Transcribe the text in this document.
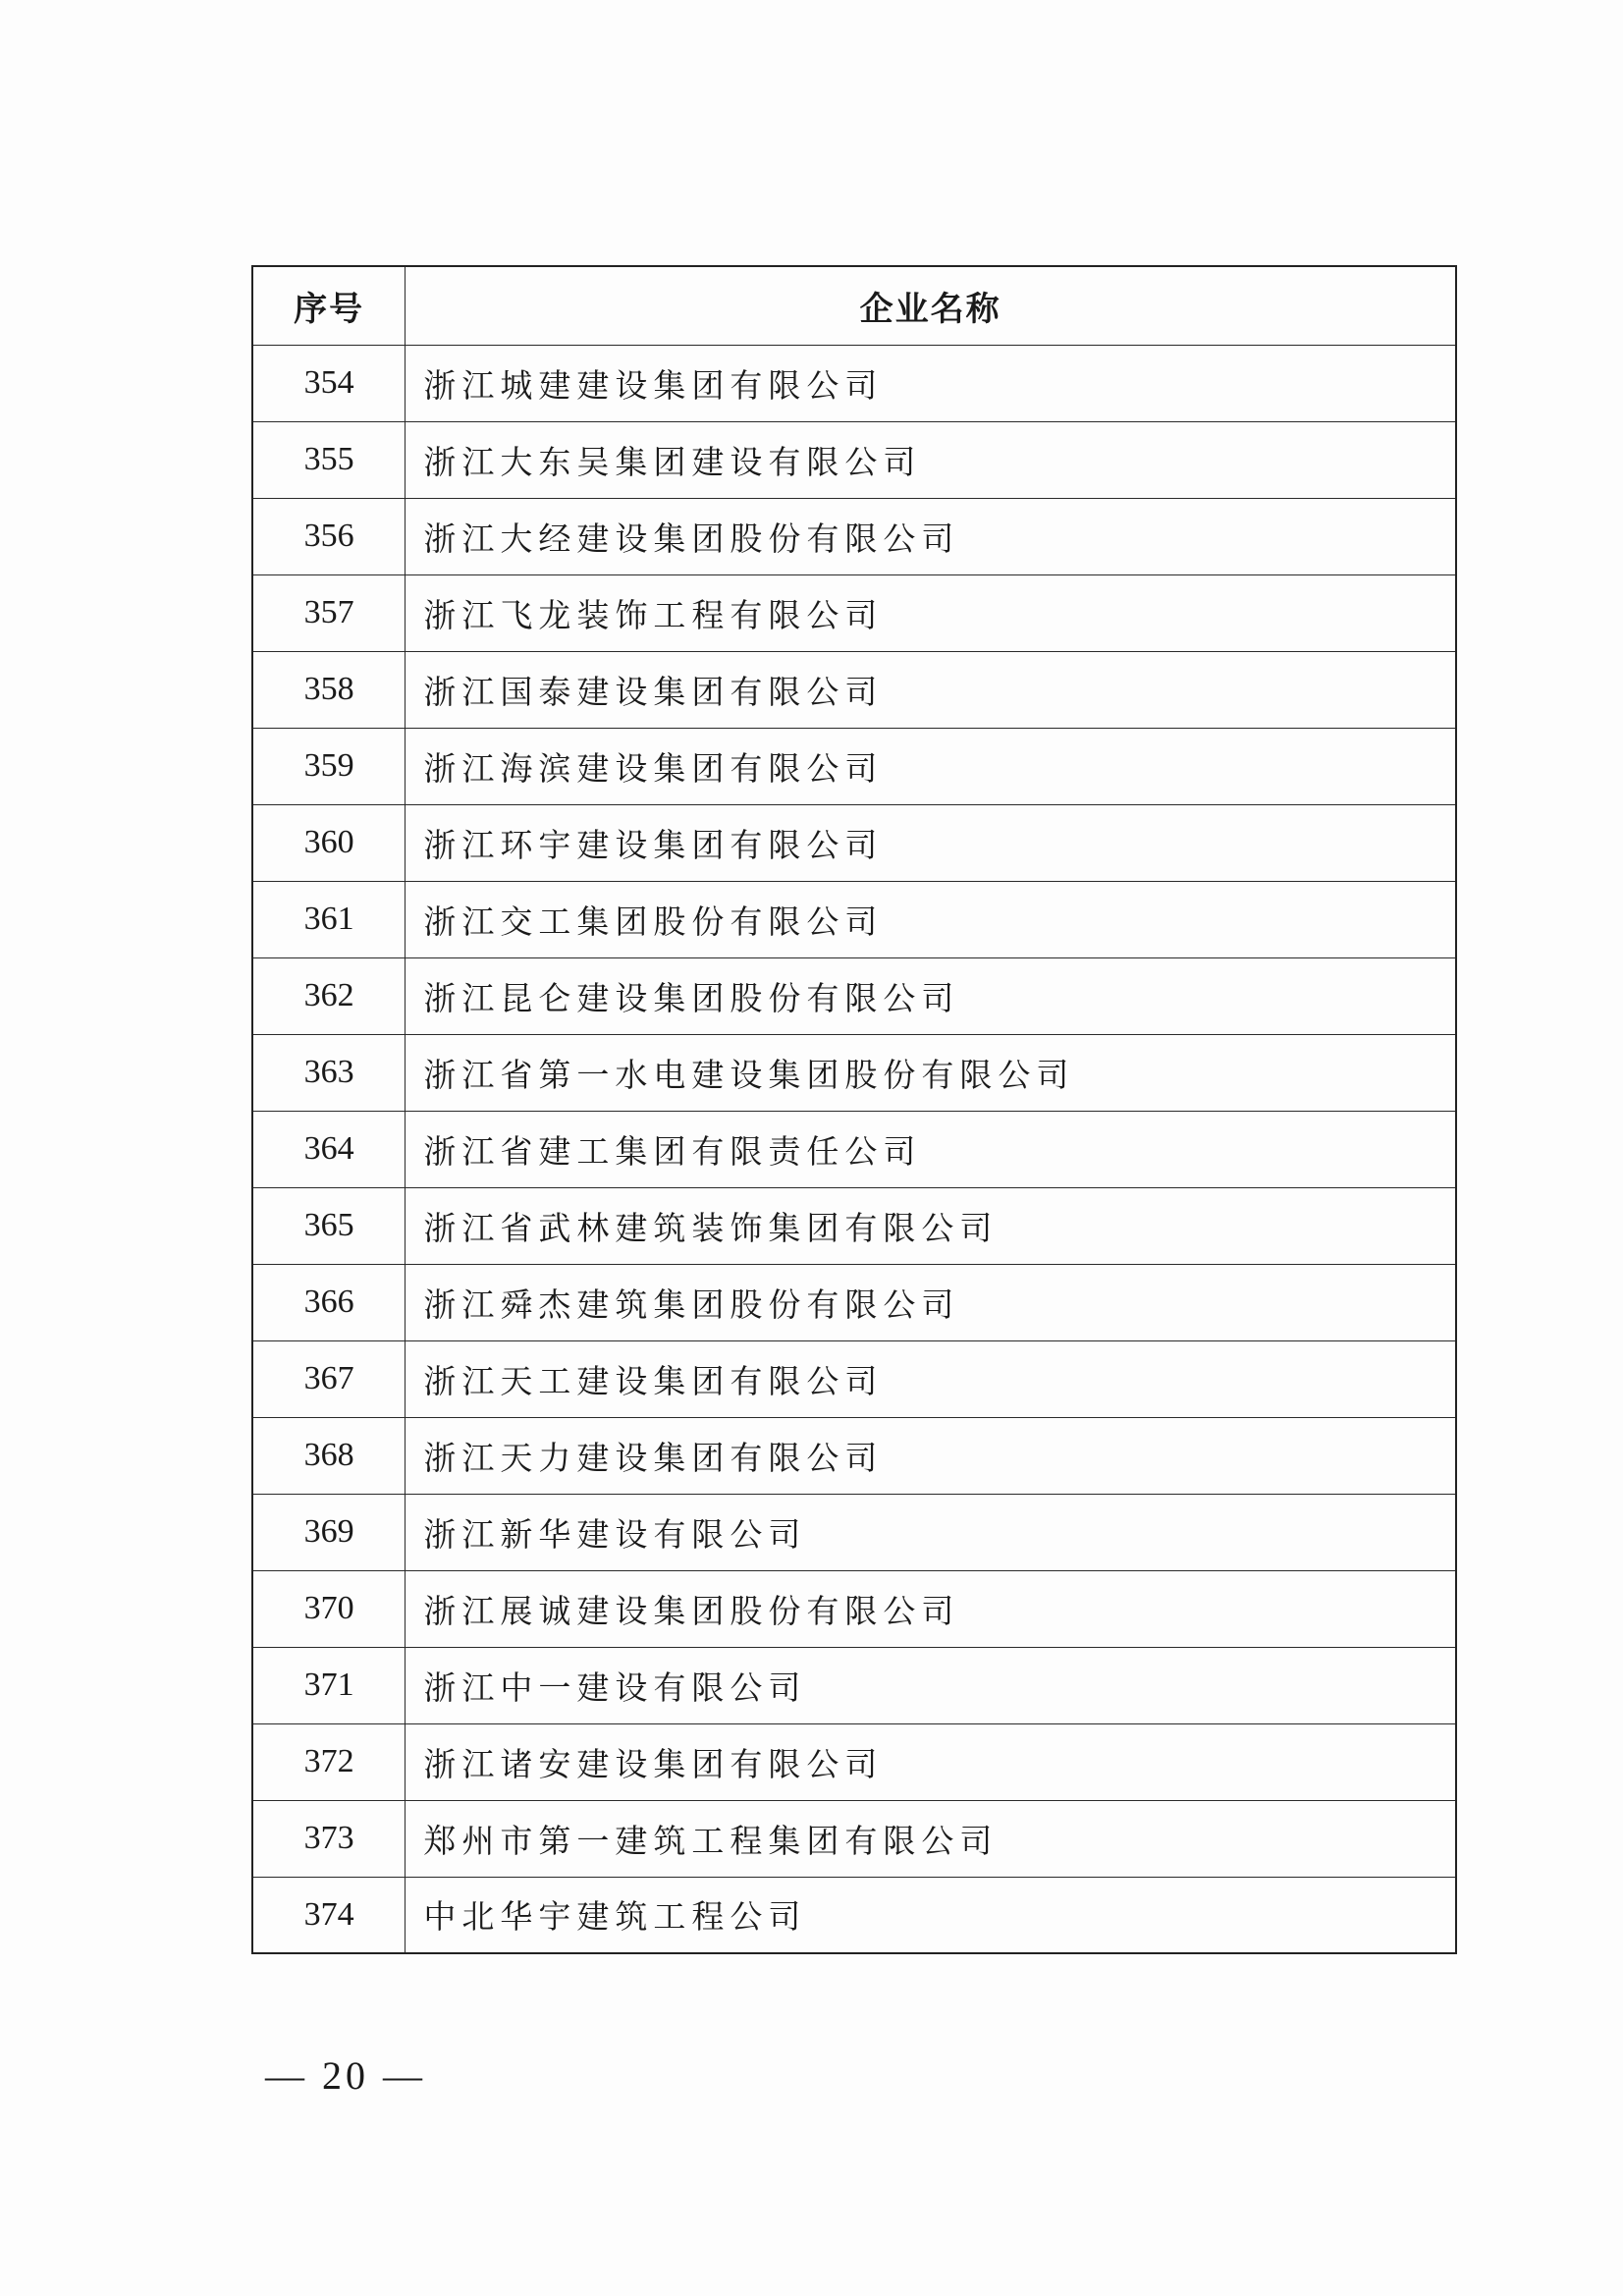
序号	企业名称
354	浙江城建建设集团有限公司
355	浙江大东吴集团建设有限公司
356	浙江大经建设集团股份有限公司
357	浙江飞龙装饰工程有限公司
358	浙江国泰建设集团有限公司
359	浙江海滨建设集团有限公司
360	浙江环宇建设集团有限公司
361	浙江交工集团股份有限公司
362	浙江昆仑建设集团股份有限公司
363	浙江省第一水电建设集团股份有限公司
364	浙江省建工集团有限责任公司
365	浙江省武林建筑装饰集团有限公司
366	浙江舜杰建筑集团股份有限公司
367	浙江天工建设集团有限公司
368	浙江天力建设集团有限公司
369	浙江新华建设有限公司
370	浙江展诚建设集团股份有限公司
371	浙江中一建设有限公司
372	浙江诸安建设集团有限公司
373	郑州市第一建筑工程集团有限公司
374	中北华宇建筑工程公司
— 20 —
